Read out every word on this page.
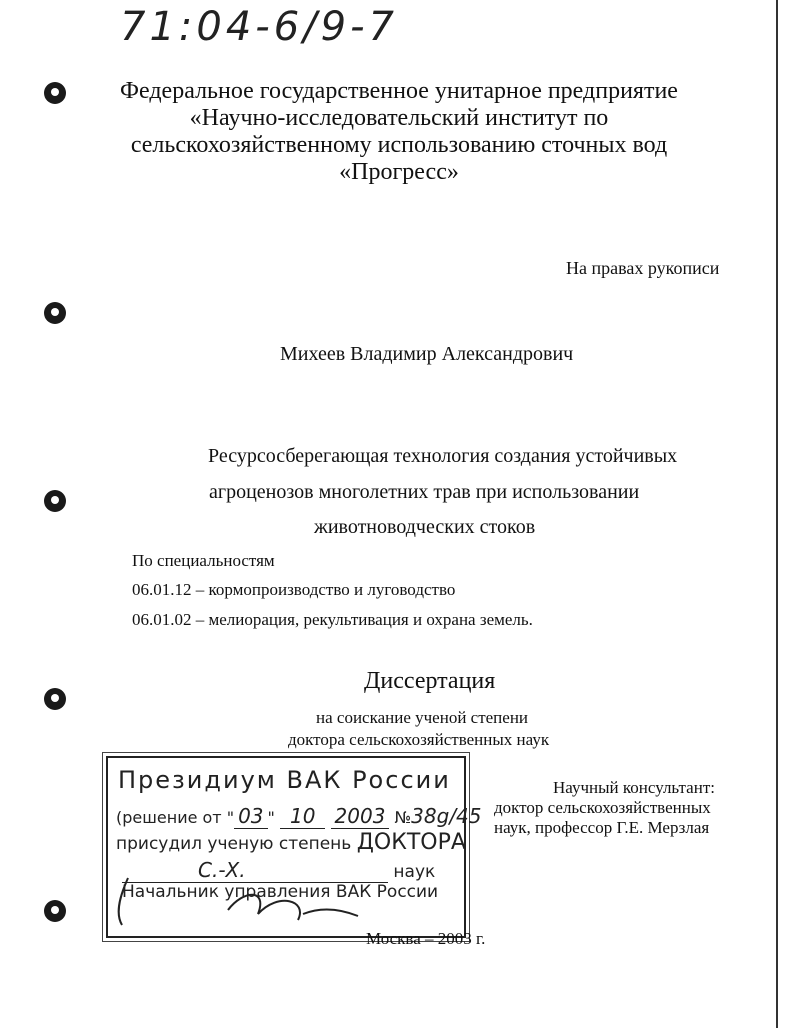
71:04-6/9-7
Федеральное государственное унитарное предприятие
«Научно-исследовательский институт по
сельскохозяйственному использованию сточных вод
«Прогресс»
На правах рукописи
Михеев Владимир Александрович
Ресурсосберегающая технология создания устойчивых
агроценозов многолетних трав при использовании
животноводческих стоков
По специальностям
06.01.12 – кормопроизводство и луговодство
06.01.02 – мелиорация, рекультивация и охрана земель.
Диссертация
на соискание ученой степени
доктора сельскохозяйственных наук
Научный консультант:
доктор сельскохозяйственных
наук, профессор Г.Е. Мерзлая
Президиум ВАК России
(решение от " 03 " 10 2003 №38g/45
присудил ученую степень ДОКТОРА
С.-Х.	наук
Начальник управления ВАК России
Москва – 2003 г.
